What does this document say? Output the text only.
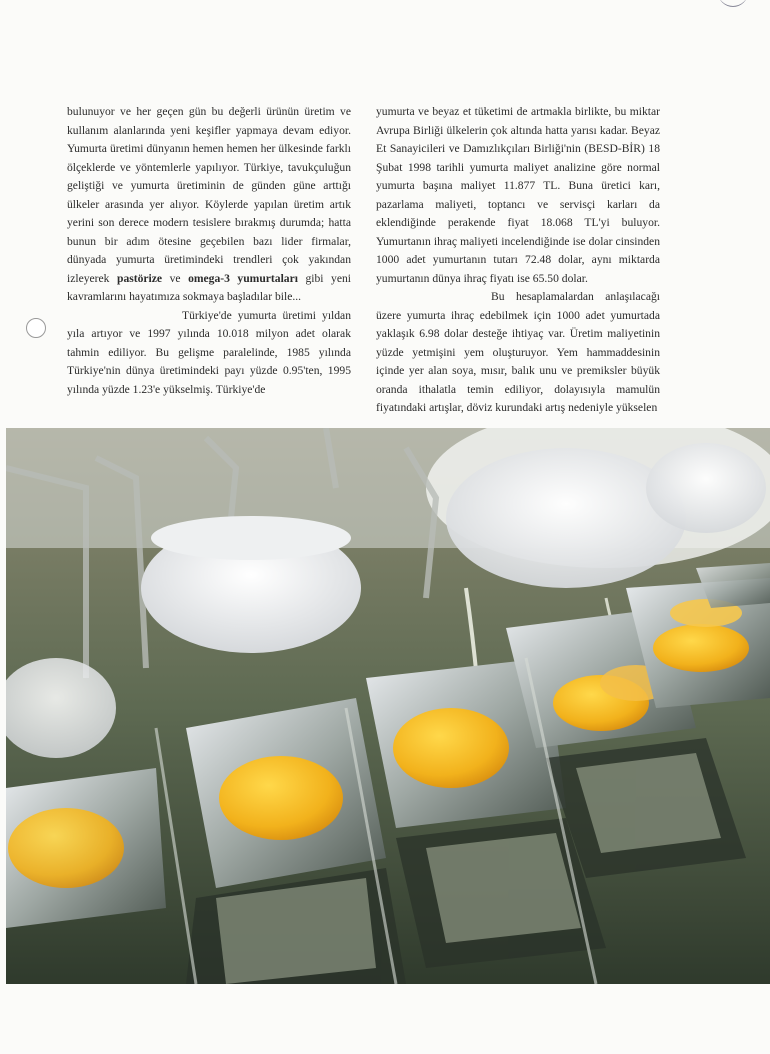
bulunuyor ve her geçen gün bu değerli ürünün üretim ve kullanım alanlarında yeni keşifler yapmaya devam ediyor. Yumurta üretimi dünyanın hemen hemen her ülkesinde farklı ölçeklerde ve yöntemlerle yapılıyor. Türkiye, tavukçuluğun geliştiği ve yumurta üretiminin de günden güne arttığı ülkeler arasında yer alıyor. Köylerde yapılan üretim artık yerini son derece modern tesislere bırakmış durumda; hatta bunun bir adım ötesine geçebilen bazı lider firmalar, dünyada yumurta üretimindeki trendleri çok yakından izleyerek pastörize ve omega-3 yumurtaları gibi yeni kavramlarını hayatımıza sokmaya başladılar bile...

Türkiye'de yumurta üretimi yıldan yıla artıyor ve 1997 yılında 10.018 milyon adet olarak tahmin ediliyor. Bu gelişme paralelinde, 1985 yılında Türkiye'nin dünya üretimindeki payı yüzde 0.95'ten, 1995 yılında yüzde 1.23'e yükselmiş. Türkiye'de

yumurta ve beyaz et tüketimi de artmakla birlikte, bu miktar Avrupa Birliği ülkelerin çok altında hatta yarısı kadar. Beyaz Et Sanayicileri ve Damızlıkçıları Birliği'nin (BESD-BİR) 18 Şubat 1998 tarihli yumurta maliyet analizine göre normal yumurta başına maliyet 11.877 TL. Buna üretici karı, pazarlama maliyeti, toptancı ve servisçi karları da eklendiğinde perakende fiyat 18.068 TL'yi buluyor. Yumurtanın ihraç maliyeti incelendiğinde ise dolar cinsinden 1000 adet yumurtanın tutarı 72.48 dolar, aynı miktarda yumurtanın dünya ihraç fiyatı ise 65.50 dolar.

Bu hesaplamalardan anlaşılacağı üzere yumurta ihraç edebilmek için 1000 adet yumurtada yaklaşık 6.98 dolar desteğe ihtiyaç var. Üretim maliyetinin yüzde yetmişini yem oluşturuyor. Yem hammaddesinin içinde yer alan soya, mısır, balık unu ve premiksler büyük oranda ithalatla temin ediliyor, dolayısıyla mamulün fiyatındaki artışlar, döviz kurundaki artış nedeniyle yükselen
